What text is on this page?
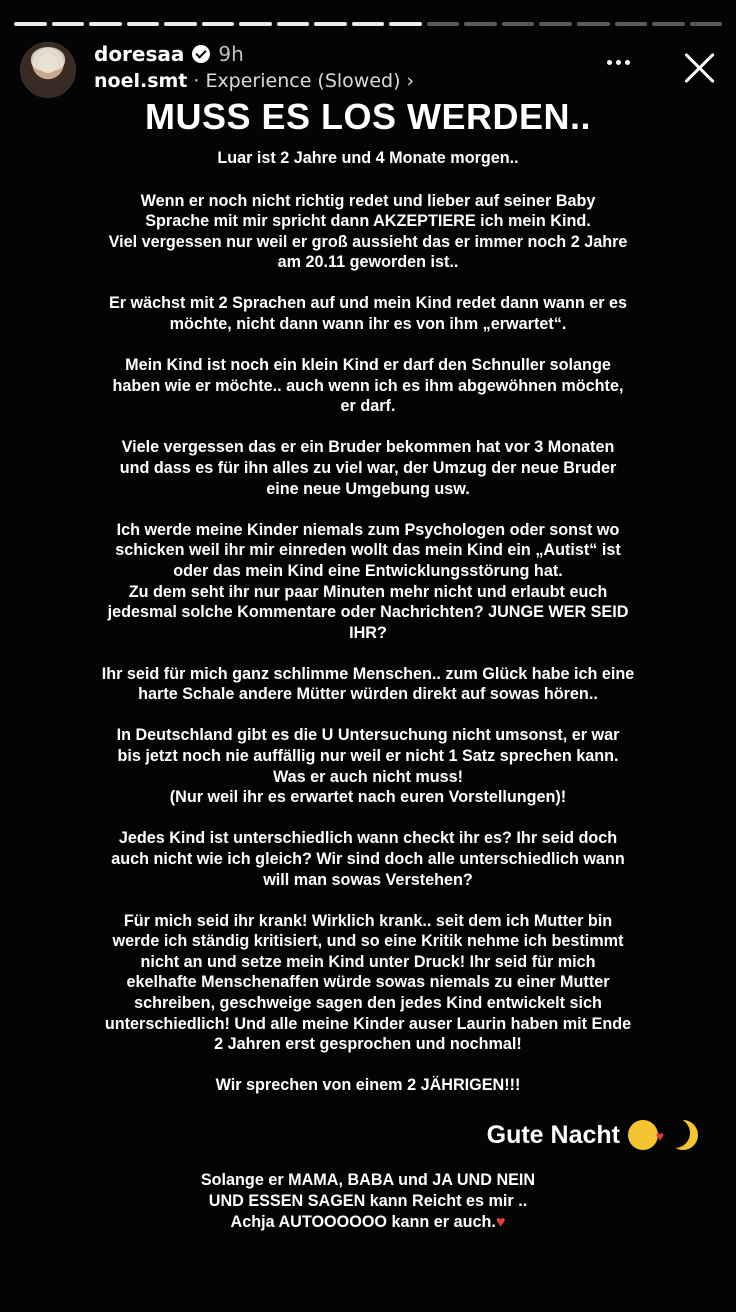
doresaa 9h
noel.smt · Experience (Slowed) ›
MUSS ES LOS WERDEN..
Luar ist 2 Jahre und 4 Monate morgen..
Wenn er noch nicht richtig redet und lieber auf seiner Baby
Sprache mit mir spricht dann AKZEPTIERE ich mein Kind.
Viel vergessen nur weil er groß aussieht das er immer noch 2 Jahre
am 20.11 geworden ist..
Er wächst mit 2 Sprachen auf und mein Kind redet dann wann er es
möchte, nicht dann wann ihr es von ihm „erwartet“.
Mein Kind ist noch ein klein Kind er darf den Schnuller solange
haben wie er möchte.. auch wenn ich es ihm abgewöhnen möchte,
er darf.
Viele vergessen das er ein Bruder bekommen hat vor 3 Monaten
und dass es für ihn alles zu viel war, der Umzug der neue Bruder
eine neue Umgebung usw.
Ich werde meine Kinder niemals zum Psychologen oder sonst wo
schicken weil ihr mir einreden wollt das mein Kind ein „Autist“ ist
oder das mein Kind eine Entwicklungsstörung hat.
Zu dem seht ihr nur paar Minuten mehr nicht und erlaubt euch
jedesmal solche Kommentare oder Nachrichten? JUNGE WER SEID
IHR?
Ihr seid für mich ganz schlimme Menschen.. zum Glück habe ich eine
harte Schale andere Mütter würden direkt auf sowas hören..
In Deutschland gibt es die U Untersuchung nicht umsonst, er war
bis jetzt noch nie auffällig nur weil er nicht 1 Satz sprechen kann.
Was er auch nicht muss!
(Nur weil ihr es erwartet nach euren Vorstellungen)!
Jedes Kind ist unterschiedlich wann checkt ihr es? Ihr seid doch
auch nicht wie ich gleich? Wir sind doch alle unterschiedlich wann
will man sowas Verstehen?
Für mich seid ihr krank! Wirklich krank.. seit dem ich Mutter bin
werde ich ständig kritisiert, und so eine Kritik nehme ich bestimmt
nicht an und setze mein Kind unter Druck! Ihr seid für mich
ekelhafte Menschenaffen würde sowas niemals zu einer Mutter
schreiben, geschweige sagen den jedes Kind entwickelt sich
unterschiedlich! Und alle meine Kinder auser Laurin haben mit Ende
2 Jahren erst gesprochen und nochmal!
Wir sprechen von einem 2 JÄHRIGEN!!!
Gute Nacht
♥
Solange er MAMA, BABA und JA UND NEIN
UND ESSEN SAGEN kann Reicht es mir ..
Achja AUTOOOOOO kann er auch.♥
